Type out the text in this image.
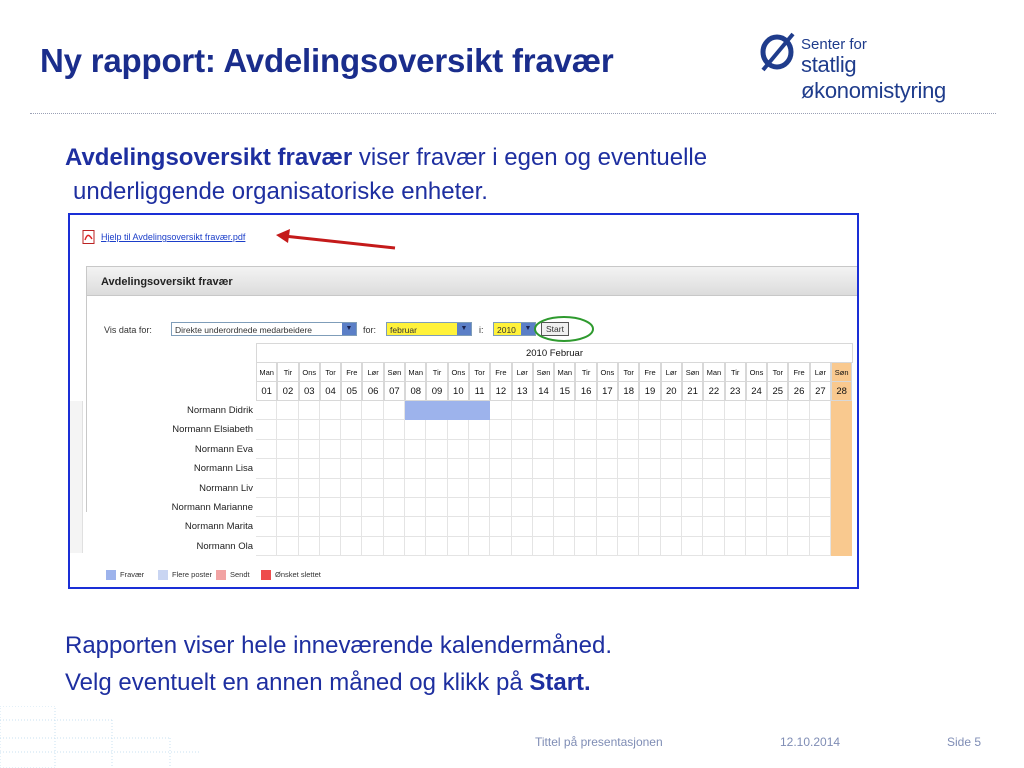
Ny rapport: Avdelingsoversikt fravær	Senter for
statlig økonomistyring

Avdelingsoversikt fravær viser fravær i egen og eventuelle
underliggende organisatoriske enheter.

Hjelp til Avdelingsoversikt fravær.pdf
Avdelingsoversikt fravær
Vis data for:	Direkte underordnede medarbeidere	▼	for:	februar	▼	i:	2010	▼	Start
2010 Februar
Man	Tir	Ons	Tor	Fre	Lør	Søn Man	Tir	Ons	Tor	Fre	Lør	Søn Man	Tir	Ons	Tor	Fre	Lør	Søn Man	Tir	Ons	Tor	Fre	Lør	Søn
01	02	03	04	05	06	07	08	09	10	11	12	13	14	15	16	17	18	19	20	21	22	23	24	25	26	27	28
Normann Didrik
Normann Elsiabeth
Normann Eva
Normann Lisa
Normann Liv
Normann Marianne
Normann Marita
Normann Ola
Fravær	Flere poster	Sendt	Ønsket slettet

Rapporten viser hele inneværende kalendermåned.
Velg eventuelt en annen måned og klikk på Start.

Tittel på presentasjonen	12.10.2014	Side 5
